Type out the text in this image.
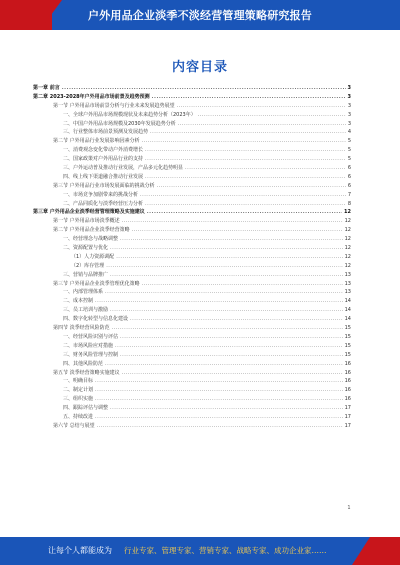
户外用品企业淡季不淡经营管理策略研究报告
内容目录
第一章 前言 .....	3
第二章 2023-2028年户外用品市场前景及趋势预测 .....	3
第一节 户外用品市场前景分析与行业未来发展趋势展望 .....	3
一、全球户外用品市场规模现状及未来趋势分析（2023年） .....	3
二、中国户外用品市场规模及2030年发展趋势分析 .....	3
三、行业整体市场前景预测及发展趋势 .....	4
第二节 户外用品行业发展影响因素分析 .....	5
一、消费观念变化带动户外消费增长 .....	5
二、国家政策对户外用品行业的支持 .....	5
三、户外运动普及推动行业发展，产品多元化趋势明显 .....	6
四、线上线下渠道融合推动行业发展 .....	6
第三节 户外用品行业市场发展面临的挑战分析 .....	6
一、市场竞争加剧带来的挑战分析 .....	7
二、产品同质化与淡季经营压力分析 .....	8
第三章 户外用品企业淡季经营管理策略及实施建议 .....	12
第一节 户外用品市场淡季概述 .....	12
第二节 户外用品企业淡季经营策略 .....	12
一、经营理念与战略调整 .....	12
二、资源配置与优化 .....	12
（1）人力资源调配 .....	12
（2）库存管理 .....	12
三、营销与品牌推广 .....	13
第三节 户外用品企业淡季管理优化策略 .....	13
一、内部管理体系 .....	13
二、成本控制 .....	14
三、员工培训与激励 .....	14
四、数字化转型与信息化建设 .....	14
第四节 淡季经营风险防范 .....	15
一、经营风险识别与评估 .....	15
二、市场风险应对措施 .....	15
三、财务风险管理与控制 .....	15
四、其他风险防范 .....	16
第五节 淡季经营策略实施建议 .....	16
一、明确目标 .....	16
二、制定计划 .....	16
三、组织实施 .....	16
四、跟踪评估与调整 .....	17
五、持续改进 .....	17
第六节 总结与展望 .....	17
1
让每个人都能成为 行业专家、管理专家、营销专家、战略专家、成功企业家……
